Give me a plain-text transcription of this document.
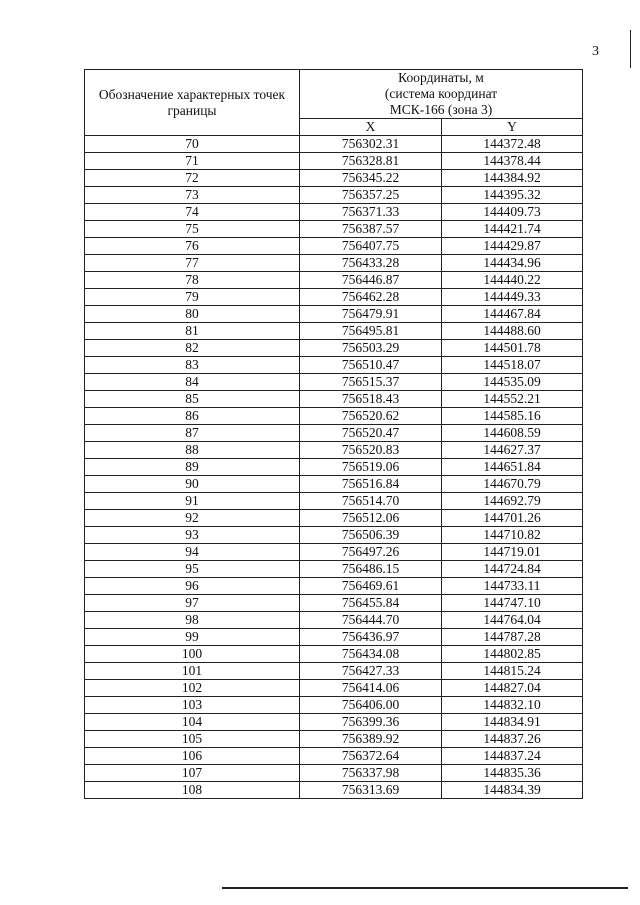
3
Обозначение характерных точек границы	Координаты, м
(система координат
МСК-166 (зона 3)	

	X	Y
70	756302.31	144372.48
71	756328.81	144378.44
72	756345.22	144384.92
73	756357.25	144395.32
74	756371.33	144409.73
75	756387.57	144421.74
76	756407.75	144429.87
77	756433.28	144434.96
78	756446.87	144440.22
79	756462.28	144449.33
80	756479.91	144467.84
81	756495.81	144488.60
82	756503.29	144501.78
83	756510.47	144518.07
84	756515.37	144535.09
85	756518.43	144552.21
86	756520.62	144585.16
87	756520.47	144608.59
88	756520.83	144627.37
89	756519.06	144651.84
90	756516.84	144670.79
91	756514.70	144692.79
92	756512.06	144701.26
93	756506.39	144710.82
94	756497.26	144719.01
95	756486.15	144724.84
96	756469.61	144733.11
97	756455.84	144747.10
98	756444.70	144764.04
99	756436.97	144787.28
100	756434.08	144802.85
101	756427.33	144815.24
102	756414.06	144827.04
103	756406.00	144832.10
104	756399.36	144834.91
105	756389.92	144837.26
106	756372.64	144837.24
107	756337.98	144835.36
108	756313.69	144834.39
